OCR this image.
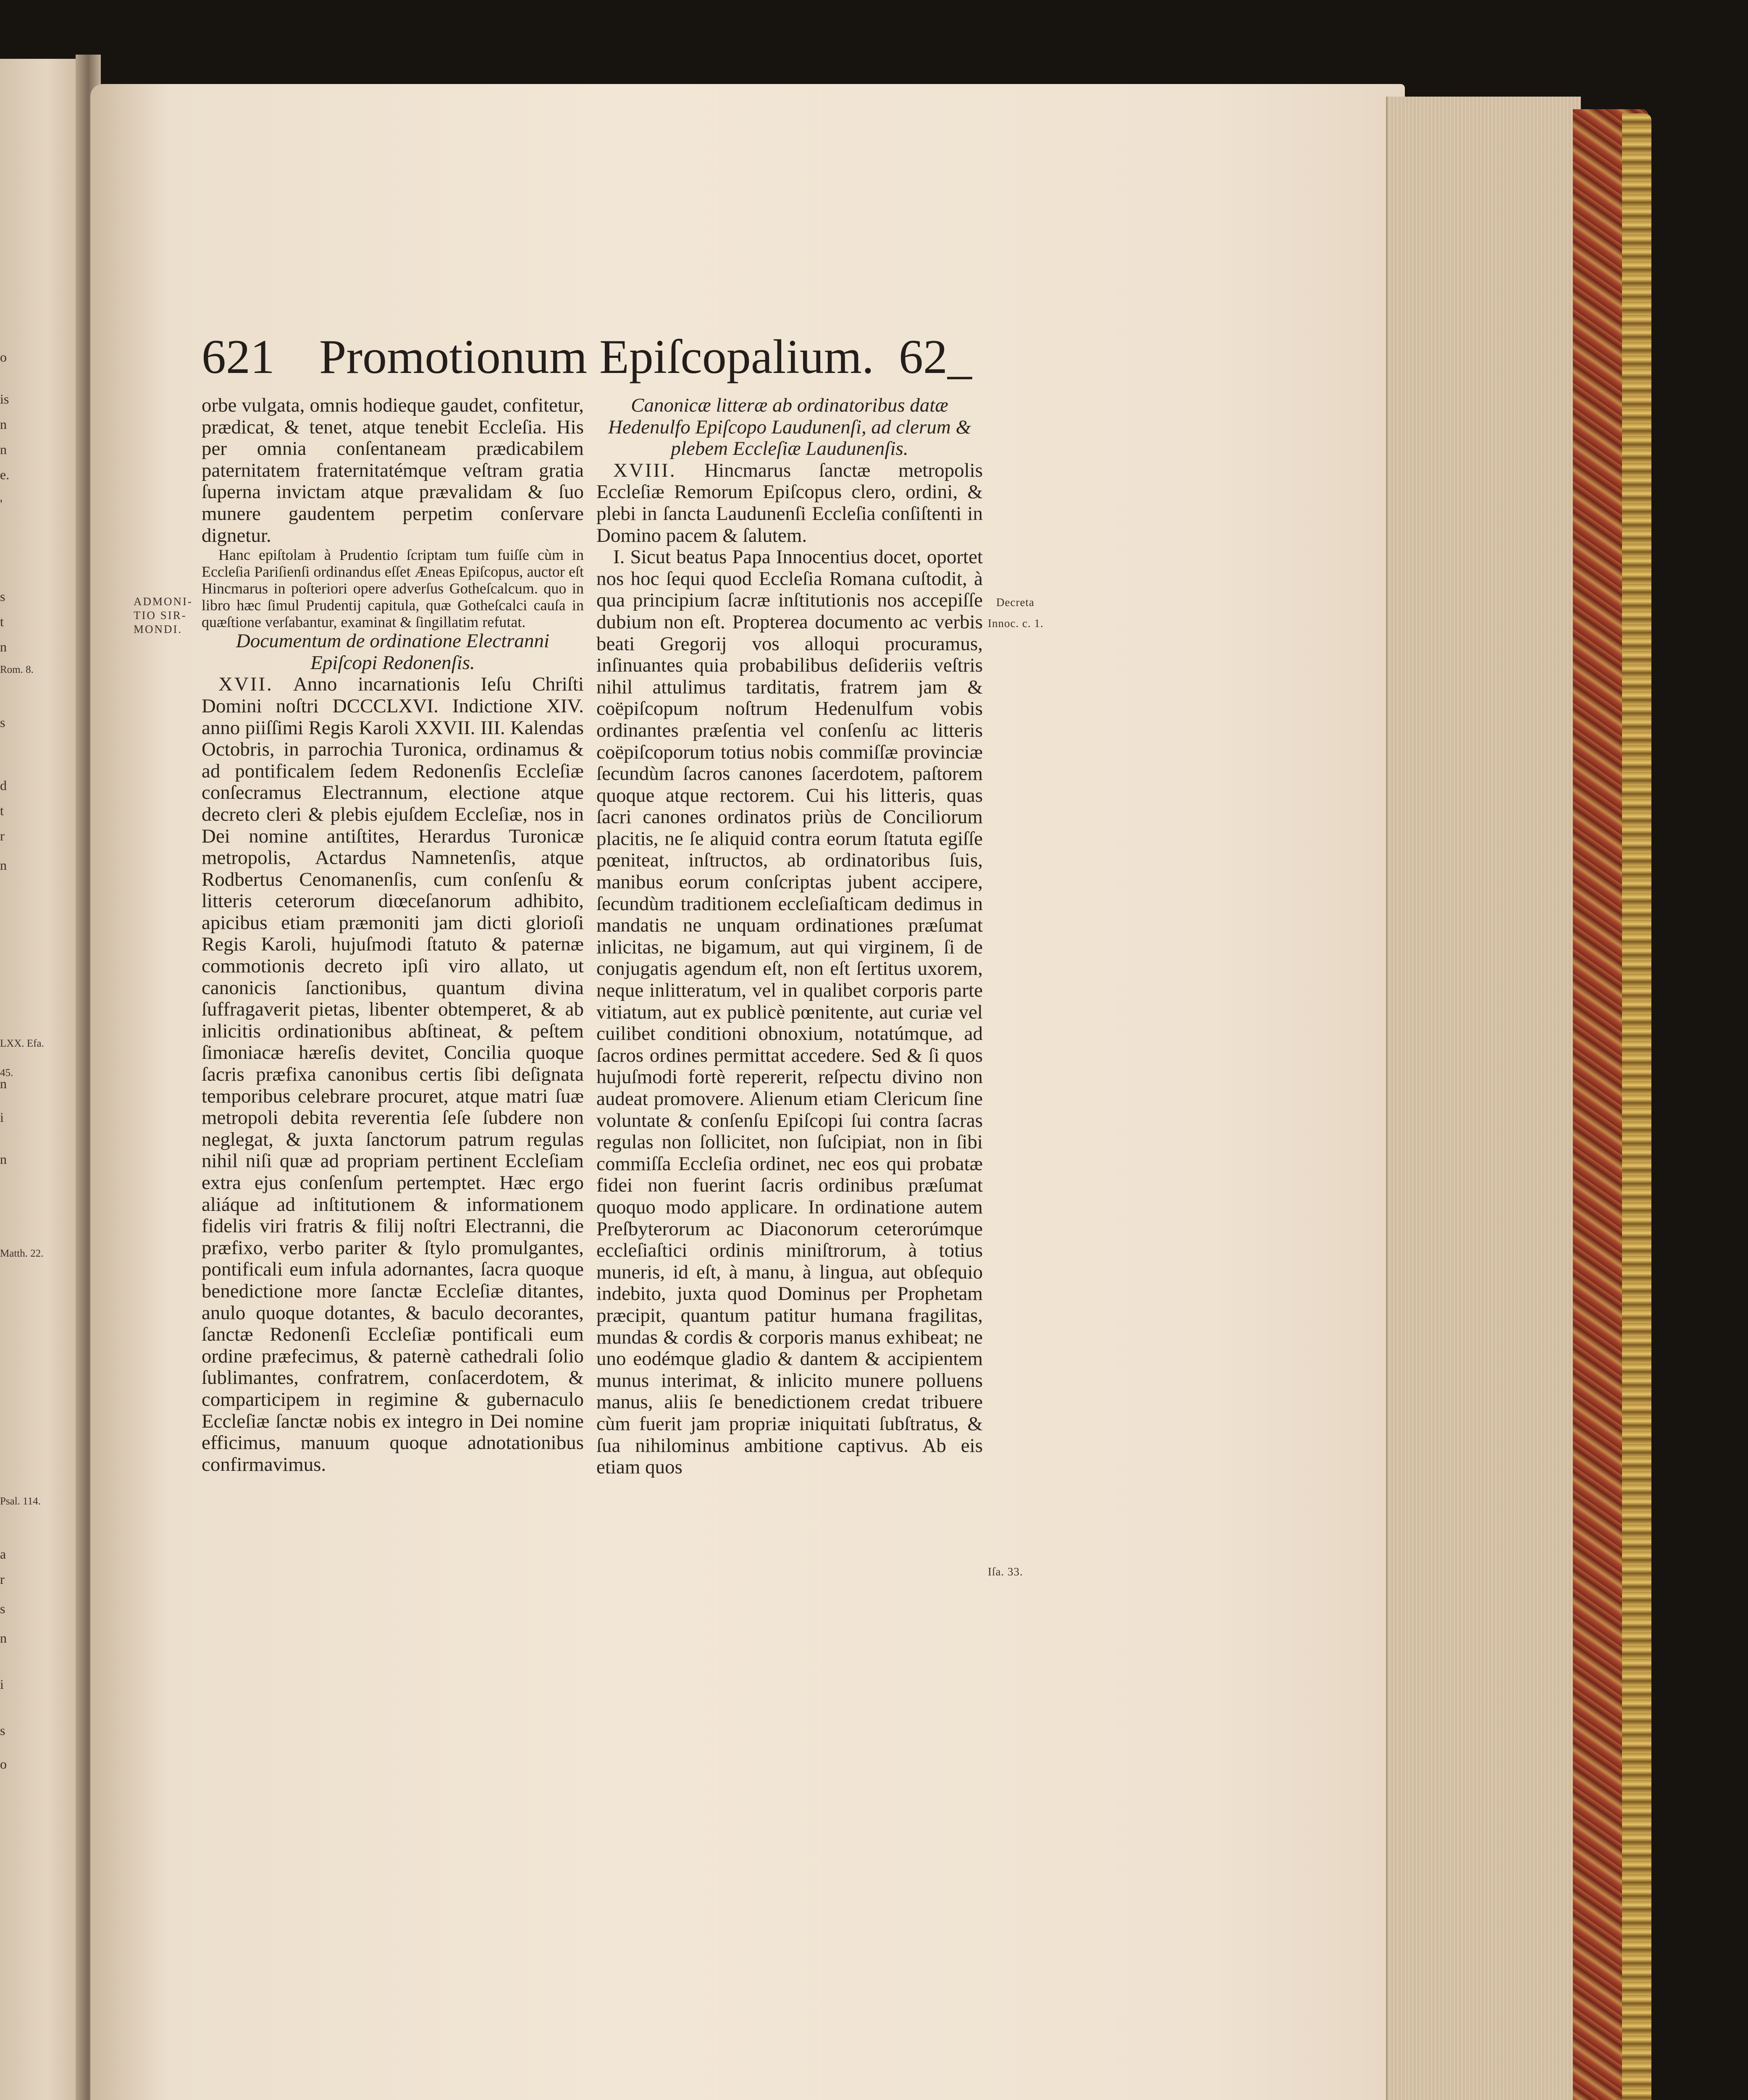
o
is
n
n
e.
'
s
t
n
s
d
t
r
n
n
i
n
a
r
s
n
i
s
o
Rom. 8.
LXX. Efa.
45.
Matth. 22.
Psal. 114.
621 Promotionum Epiſcopalium. 62_
ADMONI-
TIO SIR-
MONDI.

orbe vulgata, omnis hodieque gaudet, confitetur, prædicat, & tenet, atque tenebit Eccleſia. His per omnia conſentaneam prædicabilem paternitatem fraternitatémque veſtram gratia ſuperna invictam atque prævalidam & ſuo munere gaudentem perpetim conſervare dignetur.

Hanc epiſtolam à Prudentio ſcriptam tum fuiſſe cùm in Eccleſia Pariſienſi ordinandus eſſet Æneas Epiſcopus, auctor eſt Hincmarus in poſteriori opere adverſus Gotheſcalcum. quo in libro hæc ſimul Prudentij capitula, quæ Gotheſcalci cauſa in quæſtione verſabantur, examinat & ſingillatim refutat.

Documentum de ordinatione Electranni Epiſcopi Redonenſis.

XVII. Anno incarnationis Ieſu Chriſti Domini noſtri DCCCLXVI. Indictione XIV. anno piiſſimi Regis Karoli XXVII. III. Kalendas Octobris, in parrochia Turonica, ordinamus & ad pontificalem ſedem Redonenſis Eccleſiæ conſecramus Electrannum, electione atque decreto cleri & plebis ejuſdem Eccleſiæ, nos in Dei nomine antiſtites, Herardus Turonicæ metropolis, Actardus Namnetenſis, atque Rodbertus Cenomanenſis, cum conſenſu & litteris ceterorum diœceſanorum adhibito, apicibus etiam præmoniti jam dicti glorioſi Regis Karoli, hujuſmodi ſtatuto & paternæ commotionis decreto ipſi viro allato, ut canonicis ſanctionibus, quantum divina ſuffragaverit pietas, libenter obtemperet, & ab inlicitis ordinationibus abſtineat, & peſtem ſimoniacæ hæreſis devitet, Concilia quoque ſacris præfixa canonibus certis ſibi deſignata temporibus celebrare procuret, atque matri ſuæ metropoli debita reverentia ſeſe ſubdere non neglegat, & juxta ſanctorum patrum regulas nihil niſi quæ ad propriam pertinent Eccleſiam extra ejus conſenſum pertemptet. Hæc ergo aliáque ad inſtitutionem & informationem fidelis viri fratris & filij noſtri Electranni, die præfixo, verbo pariter & ſtylo promulgantes, pontificali eum infula adornantes, ſacra quoque benedictione more ſanctæ Eccleſiæ ditantes, anulo quoque dotantes, & baculo decorantes, ſanctæ Redonenſi Eccleſiæ pontificali eum ordine præfecimus, & paternè cathedrali ſolio ſublimantes, confratrem, conſacerdotem, & comparticipem in regimine & gubernaculo Eccleſiæ ſanctæ nobis ex integro in Dei nomine efficimus, manuum quoque adnotationibus confirmavimus.

Canonicæ litteræ ab ordinatoribus datæ Hedenulfo Epiſcopo Laudunenſi, ad clerum & plebem Eccleſiæ Laudunenſis.

XVIII. Hincmarus ſanctæ metropolis Eccleſiæ Remorum Epiſcopus clero, ordini, & plebi in ſancta Laudunenſi Eccleſia conſiſtenti in Domino pacem & ſalutem.

I. Sicut beatus Papa Innocentius docet, oportet nos hoc ſequi quod Eccleſia Romana cuſtodit, à qua principium ſacræ inſtitutionis nos accepiſſe dubium non eſt. Propterea documento ac verbis beati Gregorij vos alloqui procuramus, inſinuantes quia probabilibus deſideriis veſtris nihil attulimus tarditatis, fratrem jam & coëpiſcopum noſtrum Hedenulfum vobis ordinantes præſentia vel conſenſu ac litteris coëpiſcoporum totius nobis commiſſæ provinciæ ſecundùm ſacros canones ſacerdotem, paſtorem quoque atque rectorem. Cui his litteris, quas ſacri canones ordinatos priùs de Conciliorum placitis, ne ſe aliquid contra eorum ſtatuta egiſſe pœniteat, inſtructos, ab ordinatoribus ſuis, manibus eorum conſcriptas jubent accipere, ſecundùm traditionem eccleſiaſticam dedimus in mandatis ne unquam ordinationes præſumat inlicitas, ne bigamum, aut qui virginem, ſi de conjugatis agendum eſt, non eſt ſertitus uxorem, neque inlitteratum, vel in qualibet corporis parte vitiatum, aut ex publicè pœnitente, aut curiæ vel cuilibet conditioni obnoxium, notatúmque, ad ſacros ordines permittat accedere. Sed & ſi quos hujuſmodi fortè repererit, reſpectu divino non audeat promovere. Alienum etiam Clericum ſine voluntate & conſenſu Epiſcopi ſui contra ſacras regulas non ſollicitet, non ſuſcipiat, non in ſibi commiſſa Eccleſia ordinet, nec eos qui probatæ fidei non fuerint ſacris ordinibus præſumat quoquo modo applicare. In ordinatione autem Preſbyterorum ac Diaconorum ceterorúmque eccleſiaſtici ordinis miniſtrorum, à totius muneris, id eſt, à manu, à lingua, aut obſequio indebito, juxta quod Dominus per Prophetam præcipit, quantum patitur humana fragilitas, mundas & cordis & corporis manus exhibeat; ne uno eodémque gladio & dantem & accipientem munus interimat, & inlicito munere polluens manus, aliis ſe benedictionem credat tribuere cùm fuerit jam propriæ iniquitati ſubſtratus, & ſua nihilominus ambitione captivus. Ab eis etiam quos

Decreta
Innoc. c. 1.
Iſa. 33.
